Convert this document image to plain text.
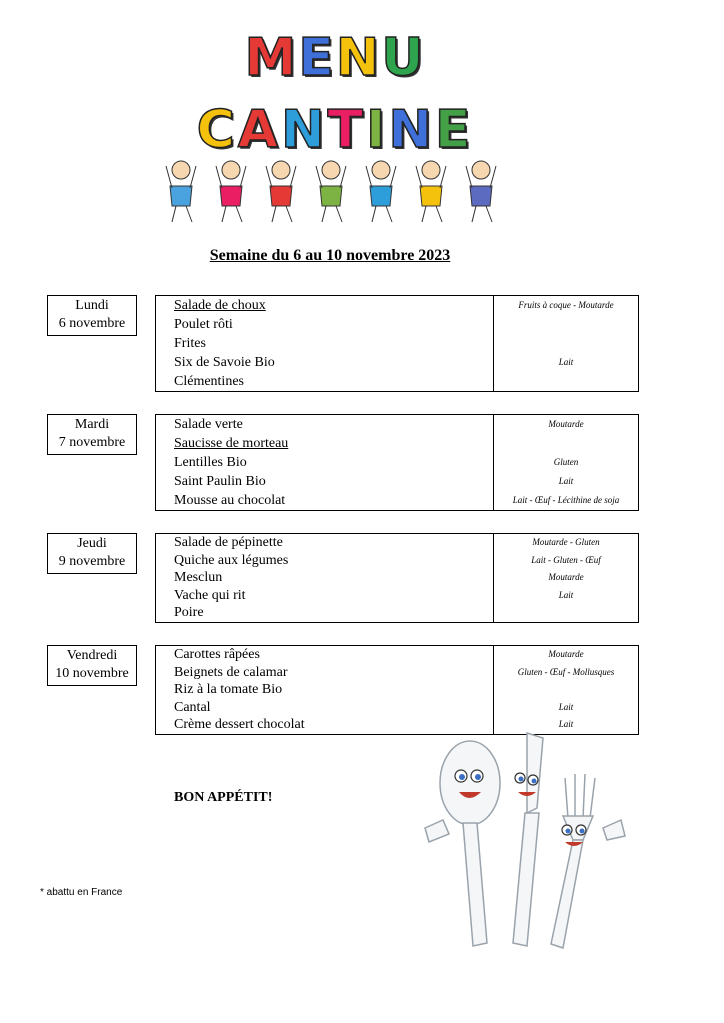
MENU
CANTINE
Semaine du 6 au 10 novembre 2023
Lundi
6 novembre
Salade de choux	Fruits à coque - Moutarde
Poulet rôti
Frites
Six de Savoie Bio	Lait
Clémentines
Mardi
7 novembre
Salade verte	Moutarde
Saucisse de morteau
Lentilles Bio	Gluten
Saint Paulin Bio	Lait
Mousse au chocolat	Lait - Œuf - Lécithine de soja
Jeudi
9 novembre
Salade de pépinette	Moutarde - Gluten
Quiche aux légumes	Lait - Gluten - Œuf
Mesclun	Moutarde
Vache qui rit	Lait
Poire
Vendredi
10 novembre
Carottes râpées	Moutarde
Beignets de calamar	Gluten - Œuf - Mollusques
Riz à la tomate Bio
Cantal	Lait
Crème dessert chocolat	Lait
BON APPÉTIT!
* abattu en France
